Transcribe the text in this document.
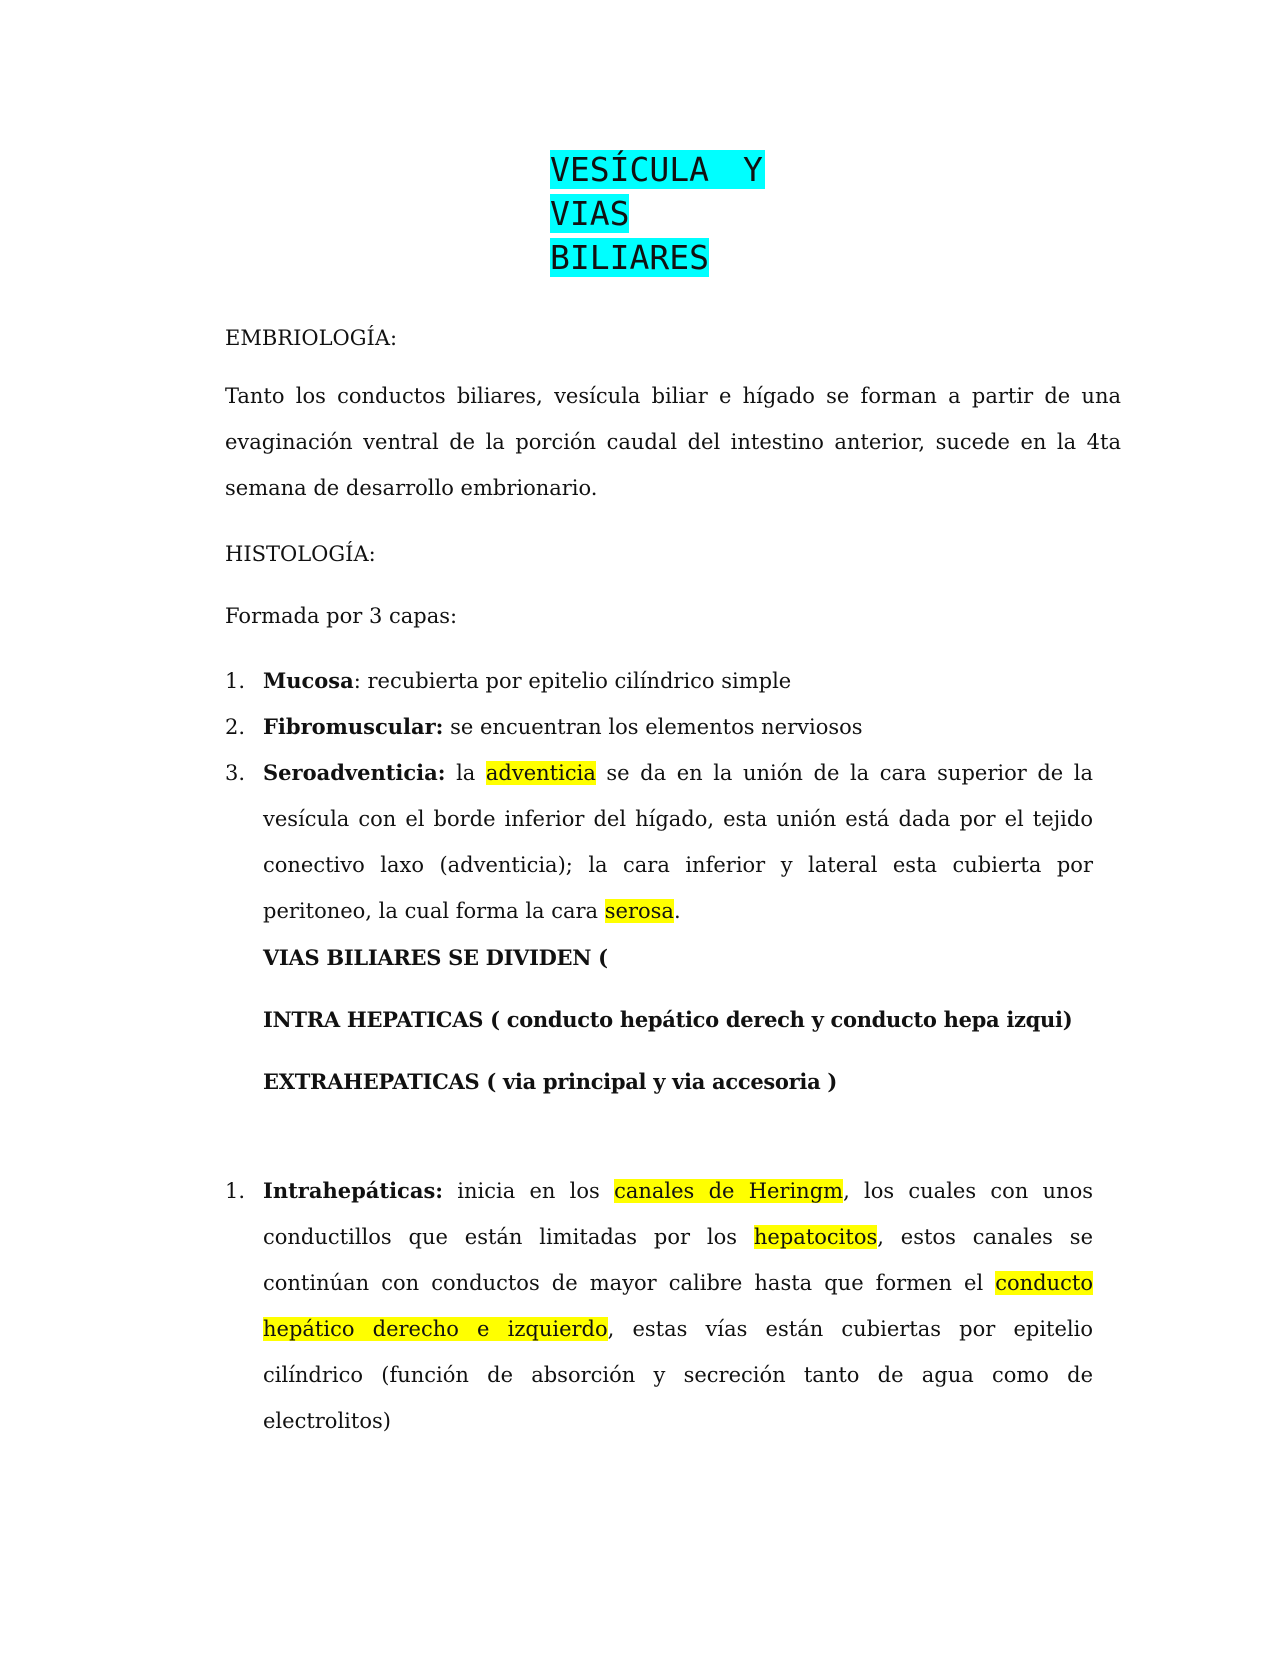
VESÍCULA Y
VIAS
BILIARES

EMBRIOLOGÍA:

Tanto los conductos biliares, vesícula biliar e hígado se forman a partir de una evaginación ventral de la porción caudal del intestino anterior, sucede en la 4ta semana de desarrollo embrionario.

HISTOLOGÍA:

Formada por 3 capas:

1. Mucosa: recubierta por epitelio cilíndrico simple
2. Fibromuscular: se encuentran los elementos nerviosos
3. Seroadventicia: la adventicia se da en la unión de la cara superior de la vesícula con el borde inferior del hígado, esta unión está dada por el tejido conectivo laxo (adventicia); la cara inferior y lateral esta cubierta por peritoneo, la cual forma la cara serosa.

VIAS BILIARES SE DIVIDEN (

INTRA HEPATICAS ( conducto hepático derech y conducto hepa izqui)

EXTRAHEPATICAS ( via principal y via accesoria )

1. Intrahepáticas: inicia en los canales de Heringm, los cuales con unos conductillos que están limitadas por los hepatocitos, estos canales se continúan con conductos de mayor calibre hasta que formen el conducto hepático derecho e izquierdo, estas vías están cubiertas por epitelio cilíndrico (función de absorción y secreción tanto de agua como de electrolitos)
